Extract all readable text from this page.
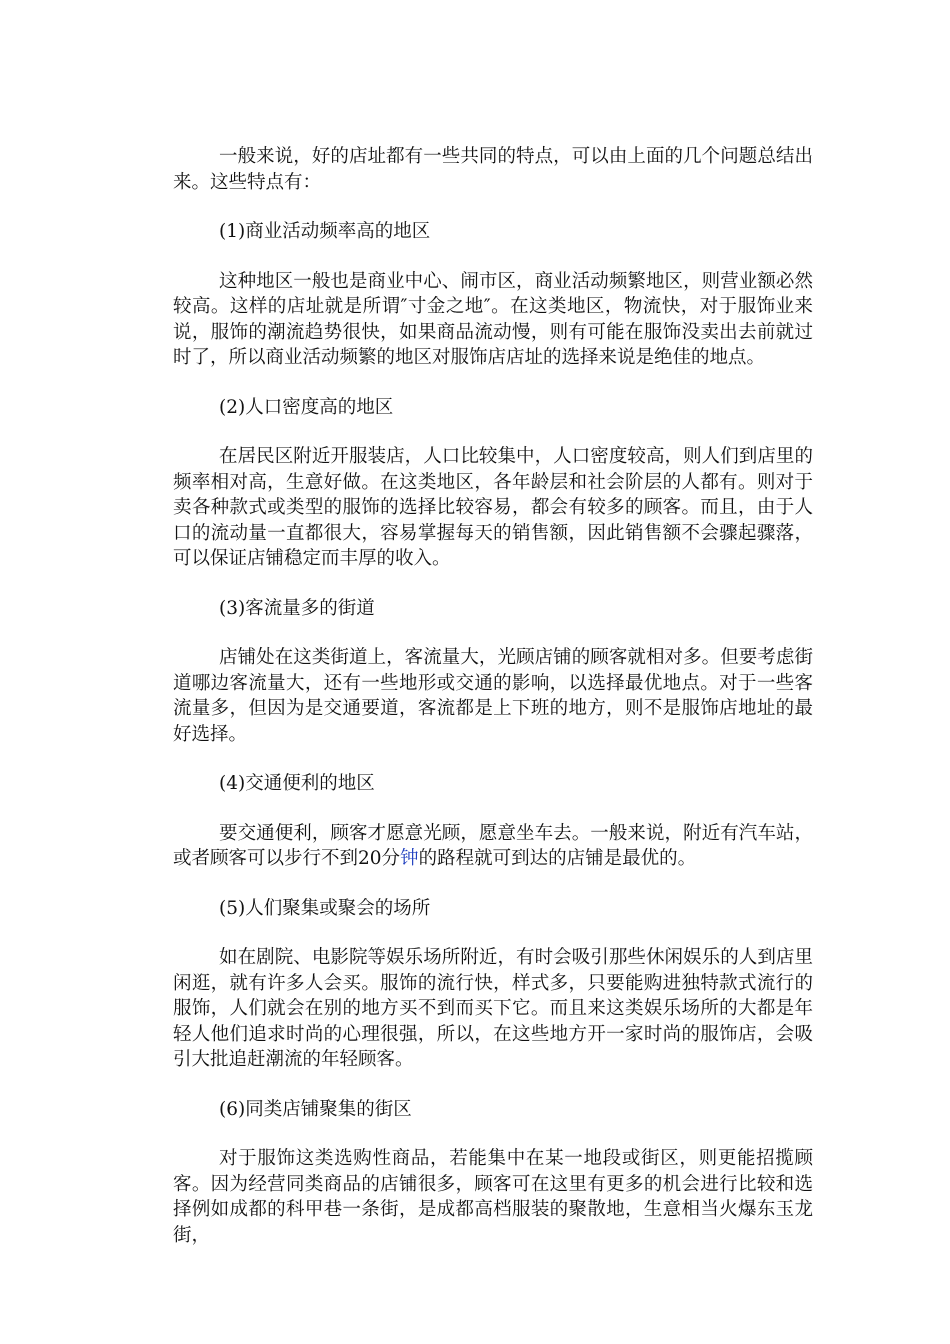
一般来说，好的店址都有一些共同的特点，可以由上面的几个问题总结出来。这些特点有：

(1)商业活动频率高的地区

这种地区一般也是商业中心、闹市区，商业活动频繁地区，则营业额必然较高。这样的店址就是所谓″寸金之地″。在这类地区，物流快，对于服饰业来说，服饰的潮流趋势很快，如果商品流动慢，则有可能在服饰没卖出去前就过时了，所以商业活动频繁的地区对服饰店店址的选择来说是绝佳的地点。

(2)人口密度高的地区

在居民区附近开服装店，人口比较集中，人口密度较高，则人们到店里的频率相对高，生意好做。在这类地区，各年龄层和社会阶层的人都有。则对于卖各种款式或类型的服饰的选择比较容易，都会有较多的顾客。而且，由于人口的流动量一直都很大，容易掌握每天的销售额，因此销售额不会骤起骤落，可以保证店铺稳定而丰厚的收入。

(3)客流量多的街道

店铺处在这类街道上，客流量大，光顾店铺的顾客就相对多。但要考虑街道哪边客流量大，还有一些地形或交通的影响，以选择最优地点。对于一些客流量多，但因为是交通要道，客流都是上下班的地方，则不是服饰店地址的最好选择。

(4)交通便利的地区

要交通便利，顾客才愿意光顾，愿意坐车去。一般来说，附近有汽车站，或者顾客可以步行不到20分钟的路程就可到达的店铺是最优的。

(5)人们聚集或聚会的场所

如在剧院、电影院等娱乐场所附近，有时会吸引那些休闲娱乐的人到店里闲逛，就有许多人会买。服饰的流行快，样式多，只要能购进独特款式流行的服饰，人们就会在别的地方买不到而买下它。而且来这类娱乐场所的大都是年轻人他们追求时尚的心理很强，所以，在这些地方开一家时尚的服饰店，会吸引大批追赶潮流的年轻顾客。

(6)同类店铺聚集的街区

对于服饰这类选购性商品，若能集中在某一地段或街区，则更能招揽顾客。因为经营同类商品的店铺很多，顾客可在这里有更多的机会进行比较和选择例如成都的科甲巷一条街，是成都高档服装的聚散地，生意相当火爆东玉龙街，
